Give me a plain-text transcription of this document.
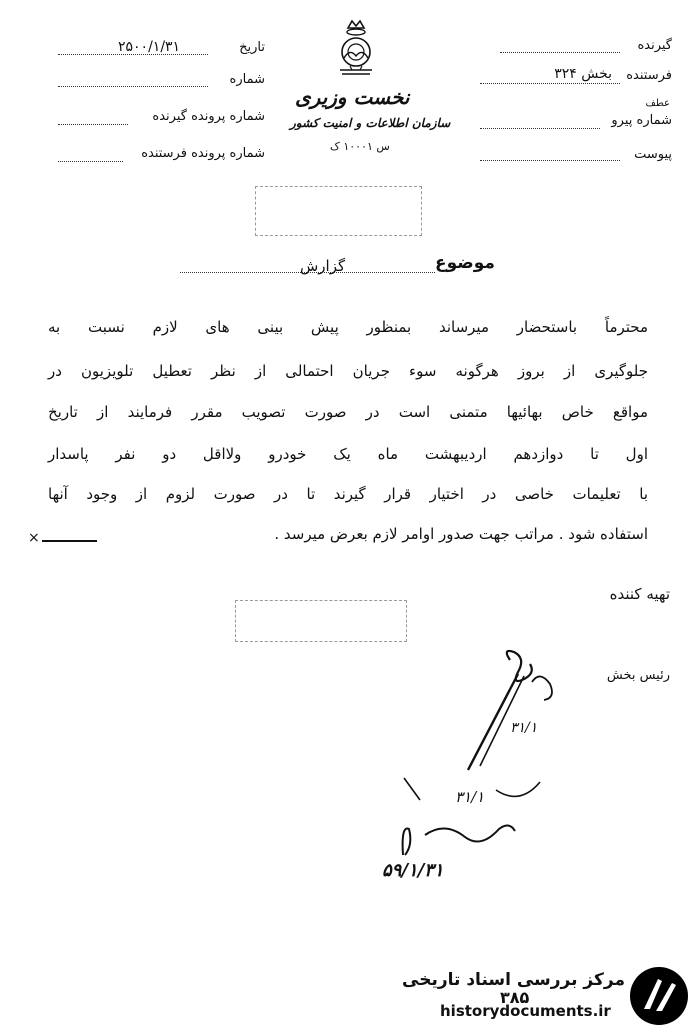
گیرنده
فرستنده
بخش ۳۲۴
عطف
شماره پیرو
پیوست
تاریخ
۲۵۰۰/۱/۳۱
شماره
شماره پرونده گیرنده
شماره پرونده فرستنده
نخست وزیری
سازمان اطلاعات و امنیت کشور
س ۱۰۰۰۱ ک
موضوع
گزارش
محترماً باستحضار میرساند بمنظور پیش بینی های لازم نسبت به
جلوگیری از بروز هرگونه سوء جریان احتمالی از نظر تعطیل تلویزیون در
مواقع خاص بهائیها متمنی است در صورت تصویب مقرر فرمایند از تاریخ
اول تا دوازدهم اردیبهشت ماه یک خودرو ولااقل دو نفر پاسدار
با تعلیمات خاصی در اختیار قرار گیرند تا در صورت لزوم از وجود آنها
استفاده شود . مراتب جهت صدور اوامر لازم بعرض میرسد .
×
تهیه کننده
رئیس بخش
۳۱/۱
۳۱/۱
۵۹/۱/۳۱
۳۸۵
مرکز بررسی اسناد تاریخی
historydocuments.ir
